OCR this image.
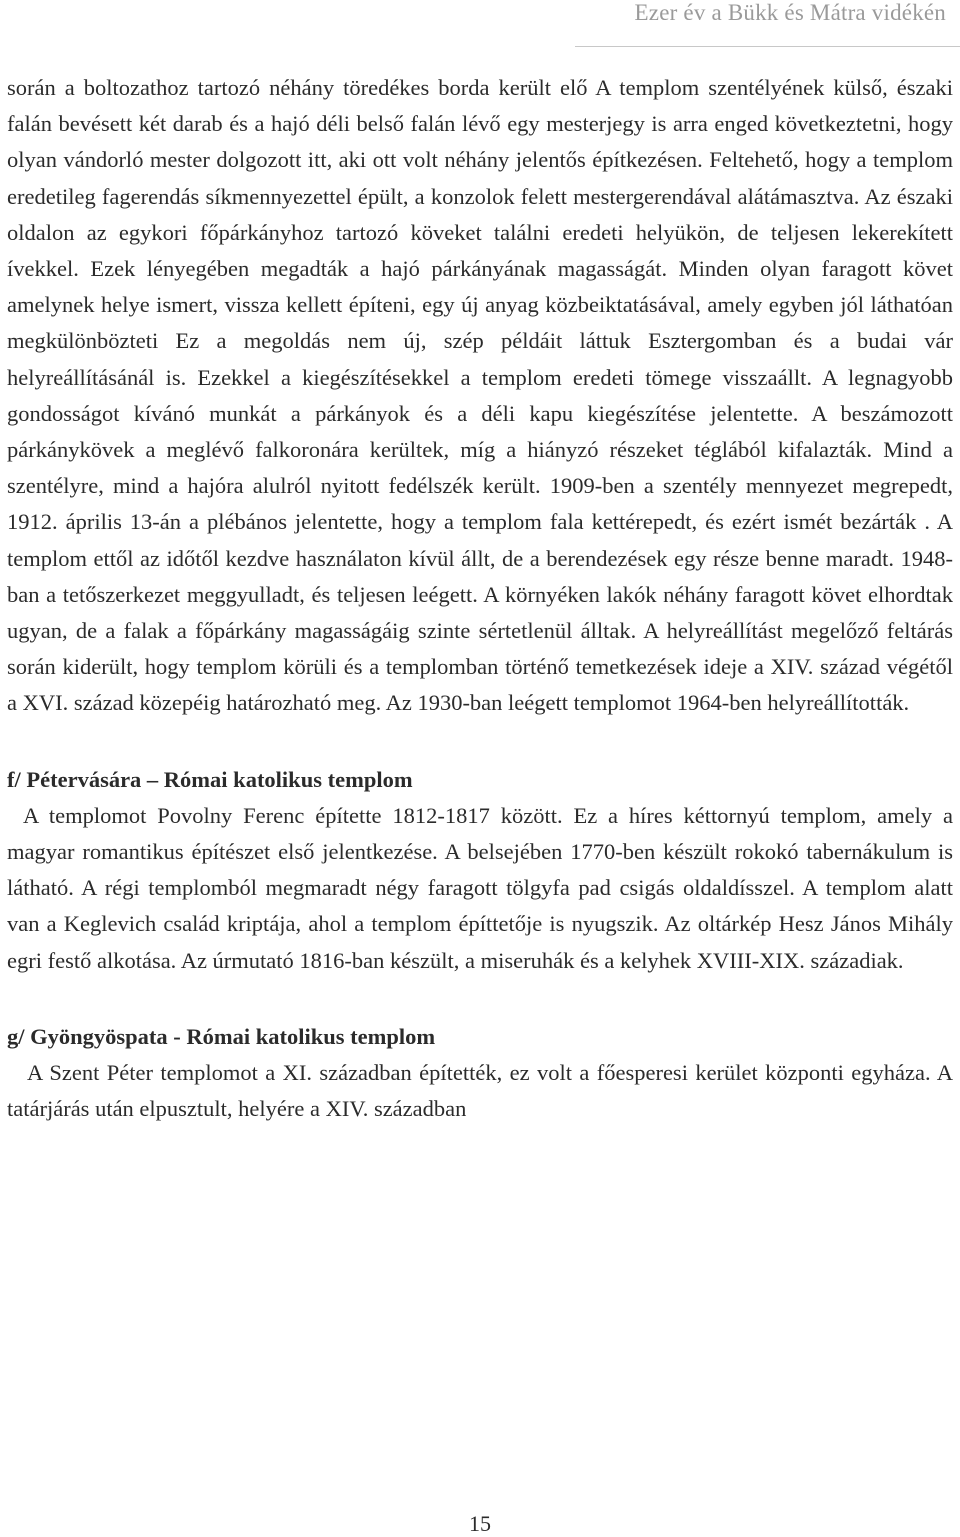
Ezer év a Bükk és Mátra vidékén

során a boltozathoz tartozó néhány töredékes borda került elő A templom szentélyének külső, északi falán bevésett két darab és a hajó déli belső falán lévő egy mesterjegy is arra enged következtetni, hogy olyan vándorló mester dolgozott itt, aki ott volt néhány jelentős építkezésen. Feltehető, hogy a templom eredetileg fagerendás síkmennyezettel épült, a konzolok felett mestergerendával alátámasztva. Az északi oldalon az egykori főpárkányhoz tartozó köveket találni eredeti helyükön, de teljesen lekerekített ívekkel. Ezek lényegében megadták a hajó párkányának magasságát. Minden olyan faragott követ amelynek helye ismert, vissza kellett építeni, egy új anyag közbeiktatásával, amely egyben jól láthatóan megkülönbözteti Ez a megoldás nem új, szép példáit láttuk Esztergomban és a budai vár helyreállításánál is. Ezekkel a kiegészítésekkel a templom eredeti tömege visszaállt. A legnagyobb gondosságot kívánó munkát a párkányok és a déli kapu kiegészítése jelentette. A beszámozott párkánykövek a meglévő falkoronára kerültek, míg a hiányzó részeket téglából kifalazták. Mind a szentélyre, mind a hajóra alulról nyitott fedélszék került. 1909-ben a szentély mennyezet megrepedt, 1912. április 13-án a plébános jelentette, hogy a templom fala kettérepedt, és ezért ismét bezárták . A templom ettől az időtől kezdve használaton kívül állt, de a berendezések egy része benne maradt. 1948-ban a tetőszerkezet meggyulladt, és teljesen leégett. A környéken lakók néhány faragott követ elhordtak ugyan, de a falak a főpárkány magasságáig szinte sértetlenül álltak. A helyreállítást megelőző feltárás során kiderült, hogy templom körüli és a templomban történő temetkezések ideje a XIV. század végétől a XVI. század közepéig határozható meg. Az 1930-ban leégett templomot 1964-ben helyreállították.

f/ Pétervására – Római katolikus templom

A templomot Povolny Ferenc építette 1812-1817 között. Ez a híres kéttornyú templom, amely a magyar romantikus építészet első jelentkezése. A belsejében 1770-ben készült rokokó tabernákulum is látható. A régi templomból megmaradt négy faragott tölgyfa pad csigás oldaldísszel. A templom alatt van a Keglevich család kriptája, ahol a templom építtetője is nyugszik. Az oltárkép Hesz János Mihály egri festő alkotása. Az úrmutató 1816-ban készült, a miseruhák és a kelyhek XVIII-XIX. századiak.

g/ Gyöngyöspata - Római katolikus templom

A Szent Péter templomot a XI. században építették, ez volt a főesperesi kerület központi egyháza. A tatárjárás után elpusztult, helyére a XIV. században

15
